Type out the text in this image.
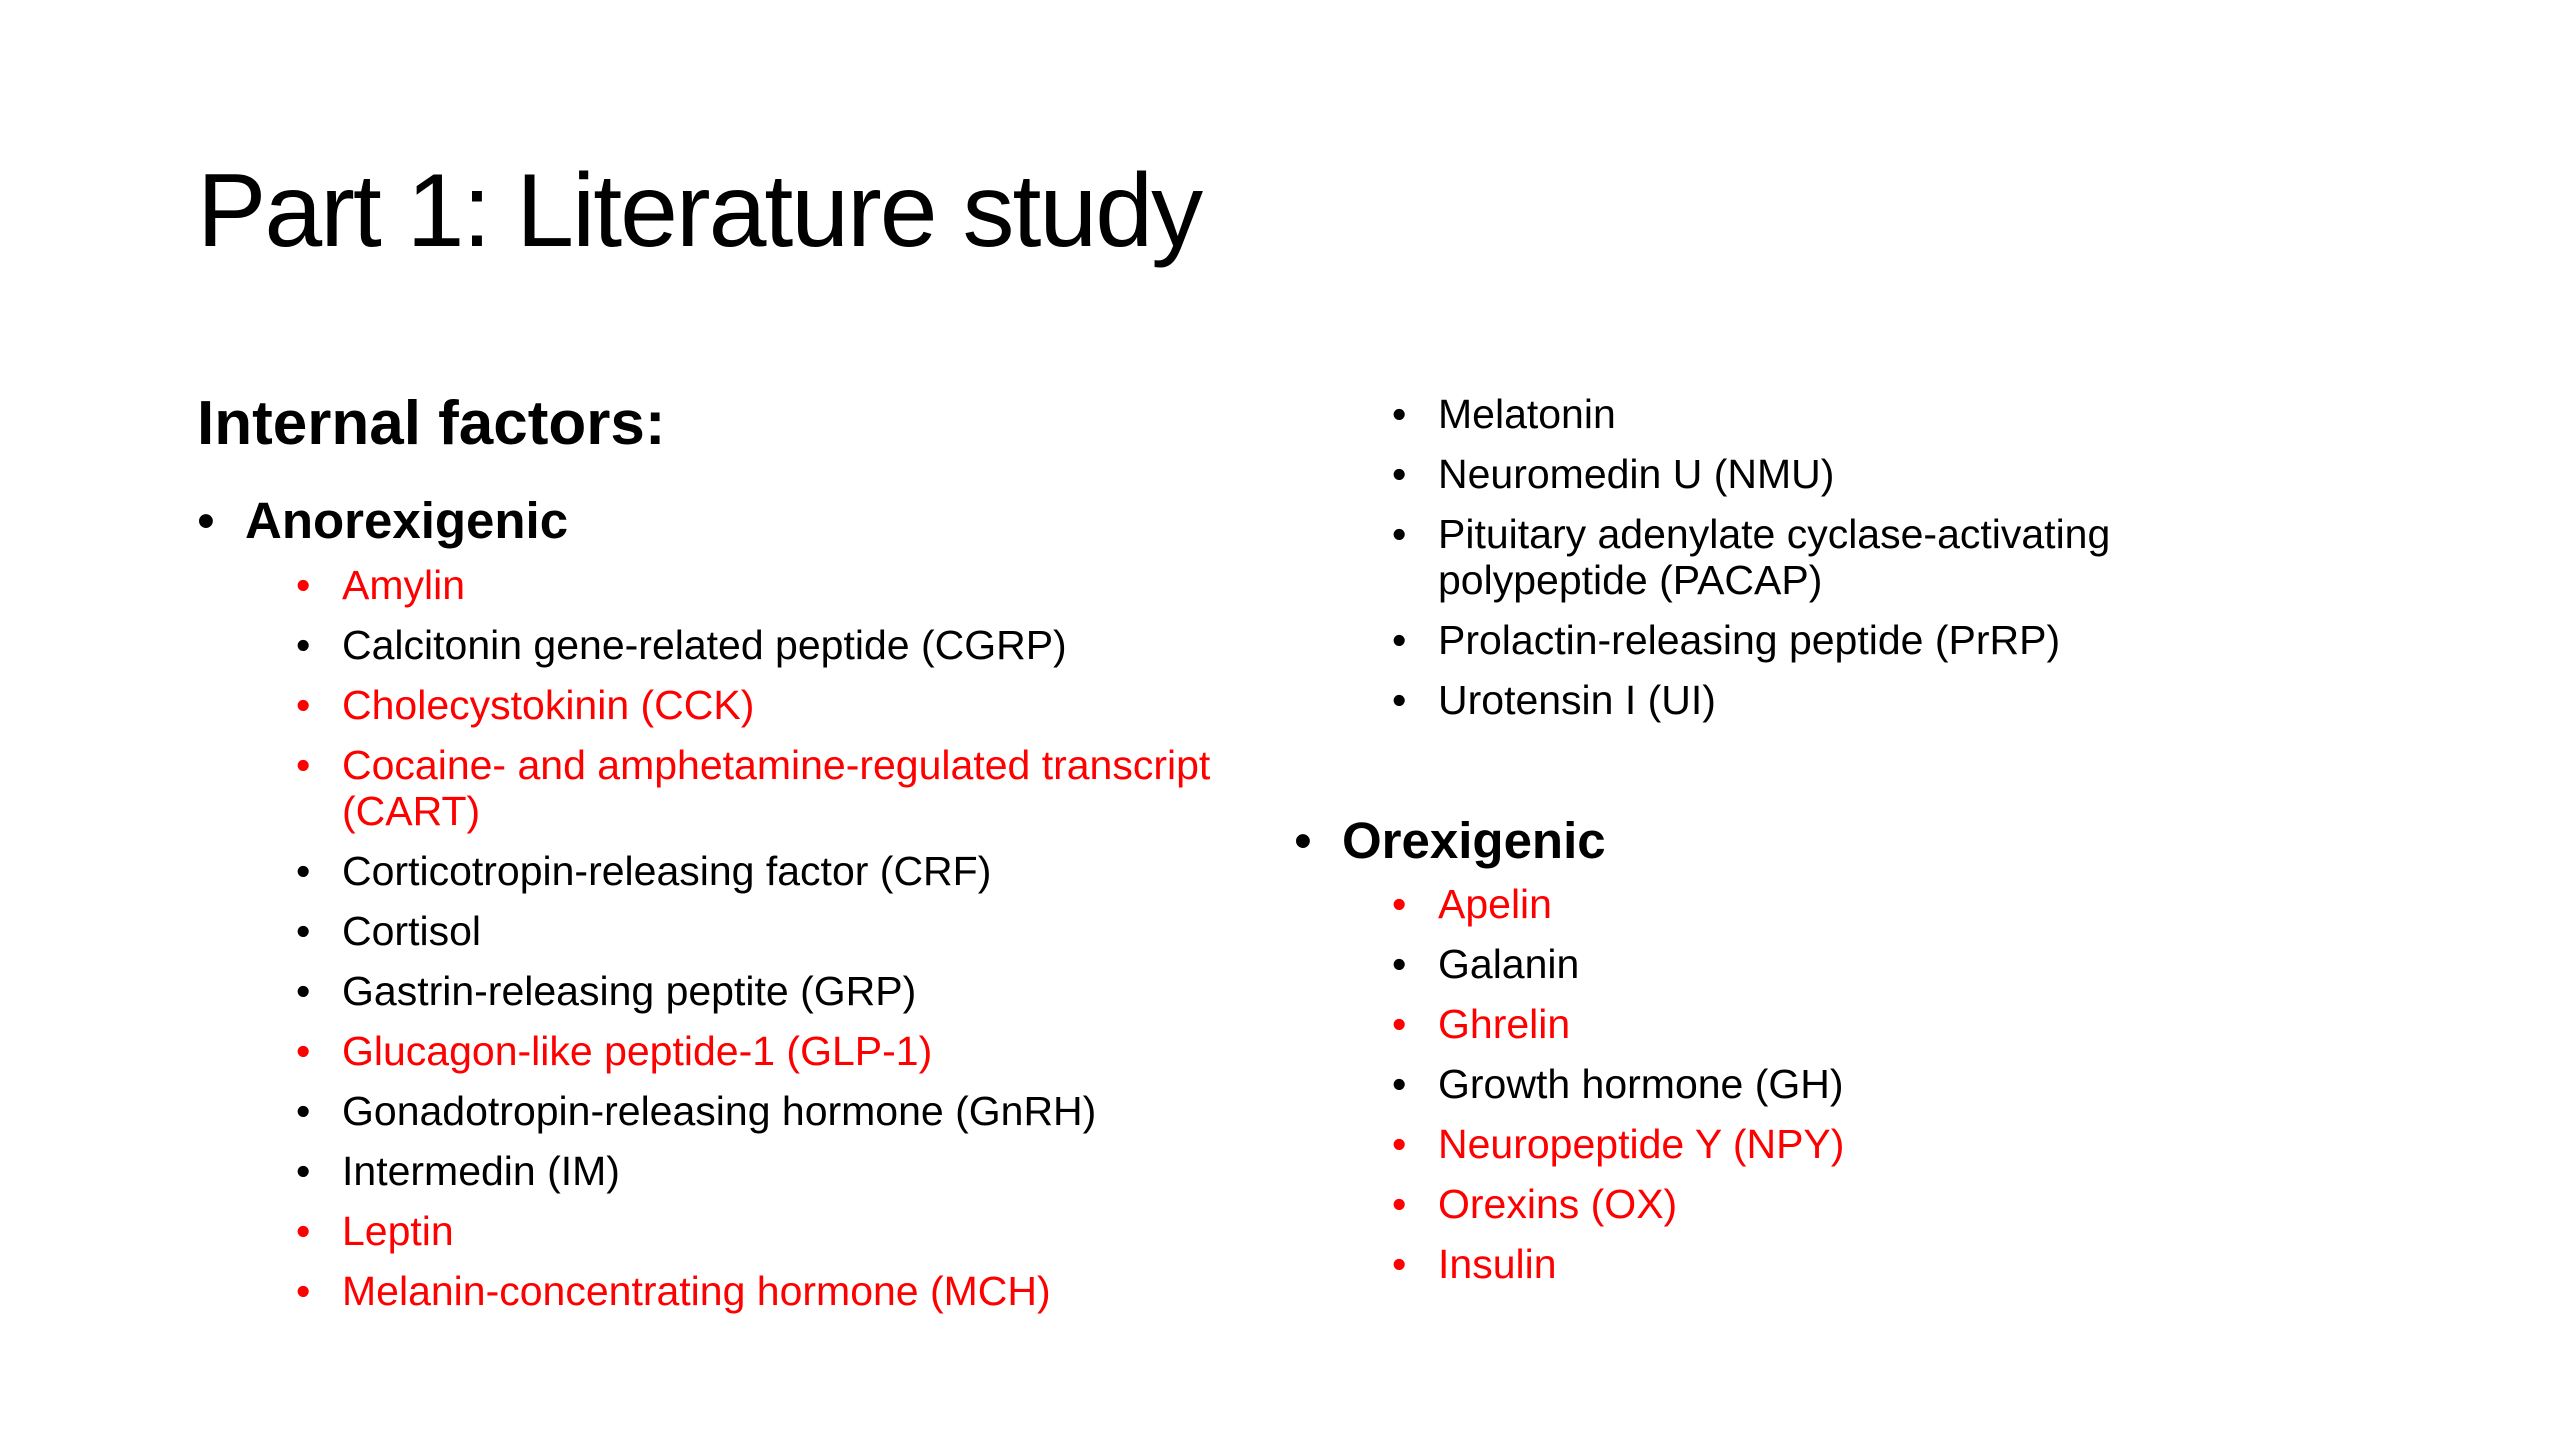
Part 1: Literature study
Internal factors:
• Anorexigenic
• Amylin
• Calcitonin gene-related peptide (CGRP)
• Cholecystokinin (CCK)
• Cocaine- and amphetamine-regulated transcript (CART)
• Corticotropin-releasing factor (CRF)
• Cortisol
• Gastrin-releasing peptite (GRP)
• Glucagon-like peptide-1 (GLP-1)
• Gonadotropin-releasing hormone (GnRH)
• Intermedin (IM)
• Leptin
• Melanin-concentrating hormone (MCH)
• Melatonin
• Neuromedin U (NMU)
• Pituitary adenylate cyclase-activating polypeptide (PACAP)
• Prolactin-releasing peptide (PrRP)
• Urotensin I (UI)
• Orexigenic
• Apelin
• Galanin
• Ghrelin
• Growth hormone (GH)
• Neuropeptide Y (NPY)
• Orexins (OX)
• Insulin
